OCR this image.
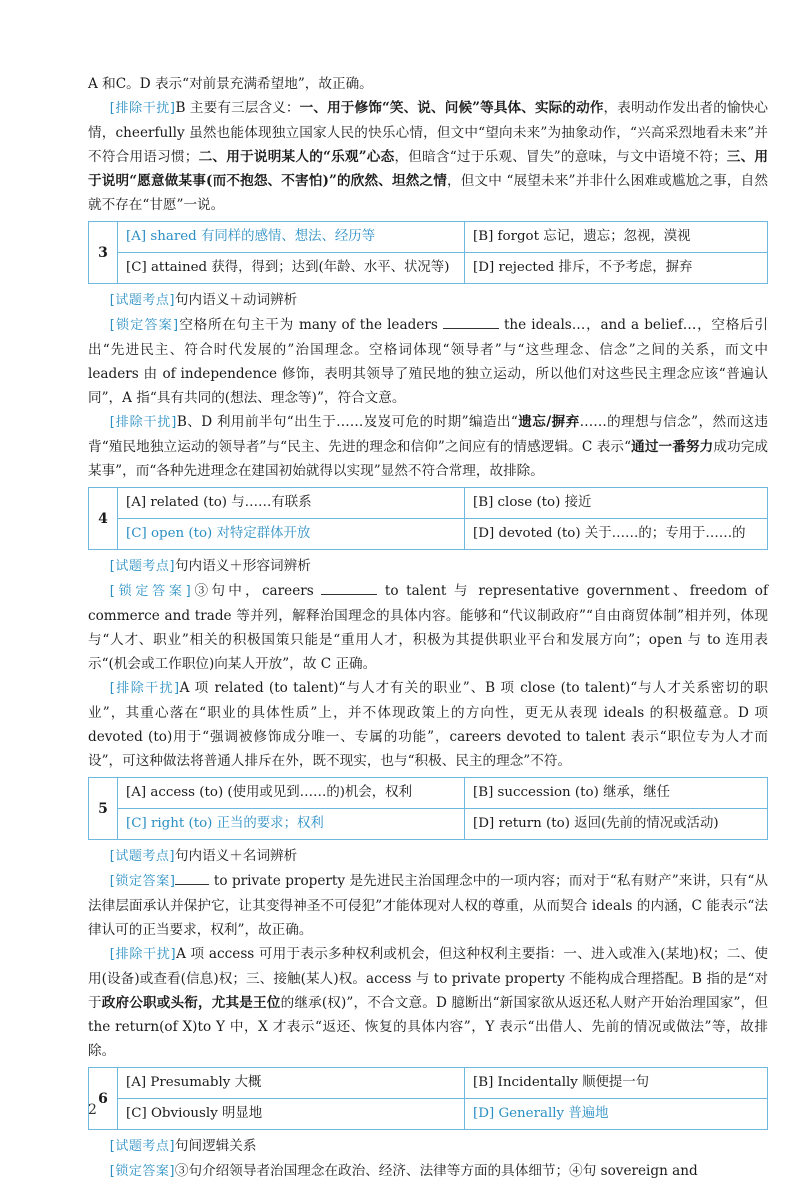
A 和C。D 表示“对前景充满希望地”，故正确。

[排除干扰]B 主要有三层含义：一、用于修饰“笑、说、问候”等具体、实际的动作，表明动作发出者的愉快心情，cheerfully 虽然也能体现独立国家人民的快乐心情，但文中“望向未来”为抽象动作，“兴高采烈地看未来”并不符合用语习惯；二、用于说明某人的“乐观”心态，但暗含“过于乐观、冒失”的意味，与文中语境不符；三、用于说明“愿意做某事(而不抱怨、不害怕)”的欣然、坦然之情，但文中 “展望未来”并非什么困难或尴尬之事，自然就不存在“甘愿”一说。

3	[A] shared 有同样的感情、想法、经历等	[B] forgot 忘记，遗忘；忽视，漠视
	[C] attained 获得，得到；达到(年龄、水平、状况等)	[D] rejected 排斥，不予考虑，摒弃

[试题考点]句内语义＋动词辨析

[锁定答案]空格所在句主干为 many of the leaders	the ideals…，and a belief…，空格后引出“先进民主、符合时代发展的”治国理念。空格词体现“领导者”与“这些理念、信念”之间的关系，而文中 leaders 由 of independence 修饰，表明其领导了殖民地的独立运动，所以他们对这些民主理念应该“普遍认同”，A 指“具有共同的(想法、理念等)”，符合文意。

[排除干扰]B、D 利用前半句“出生于……岌岌可危的时期”编造出“遗忘/摒弃……的理想与信念”，然而这违背“殖民地独立运动的领导者”与“民主、先进的理念和信仰”之间应有的情感逻辑。C 表示“通过一番努力成功完成某事”，而“各种先进理念在建国初始就得以实现”显然不符合常理，故排除。

4	[A] related (to) 与……有联系	[B] close (to) 接近
	[C] open (to) 对特定群体开放	[D] devoted (to) 关于……的；专用于……的

[试题考点]句内语义＋形容词辨析

[锁定答案]③句中，careers	to talent 与 representative government、freedom of commerce and trade 等并列，解释治国理念的具体内容。能够和“代议制政府”“自由商贸体制”相并列，体现与“人才、职业”相关的积极国策只能是“重用人才，积极为其提供职业平台和发展方向”；open 与 to 连用表示“(机会或工作职位)向某人开放”，故 C 正确。

[排除干扰]A 项 related (to talent)“与人才有关的职业”、B 项 close (to talent)“与人才关系密切的职业”，其重心落在“职业的具体性质”上，并不体现政策上的方向性，更无从表现 ideals 的积极蕴意。D 项devoted (to)用于“强调被修饰成分唯一、专属的功能”，careers devoted to talent 表示“职位专为人才而设”，可这种做法将普通人排斥在外，既不现实，也与“积极、民主的理念”不符。

5	[A] access (to) (使用或见到……的)机会，权利	[B] succession (to) 继承，继任
	[C] right (to) 正当的要求；权利	[D] return (to) 返回(先前的情况或活动)

[试题考点]句内语义＋名词辨析

[锁定答案]	to private property 是先进民主治国理念中的一项内容；而对于“私有财产”来讲，只有“从法律层面承认并保护它，让其变得神圣不可侵犯”才能体现对人权的尊重，从而契合 ideals 的内涵，C 能表示“法律认可的正当要求，权利”，故正确。

[排除干扰]A 项 access 可用于表示多种权利或机会，但这种权利主要指：一、进入或准入(某地)权；二、使用(设备)或查看(信息)权；三、接触(某人)权。access 与 to private property 不能构成合理搭配。B 指的是“对于政府公职或头衔，尤其是王位的继承(权)”，不合文意。D 臆断出“新国家欲从返还私人财产开始治理国家”，但 the return(of X)to Y 中，X 才表示“返还、恢复的具体内容”，Y 表示“出借人、先前的情况或做法”等，故排除。

6	[A] Presumably 大概	[B] Incidentally 顺便提一句
	[C] Obviously 明显地	[D] Generally 普遍地

[试题考点]句间逻辑关系

[锁定答案]③句介绍领导者治国理念在政治、经济、法律等方面的具体细节；④句 sovereign and

2
